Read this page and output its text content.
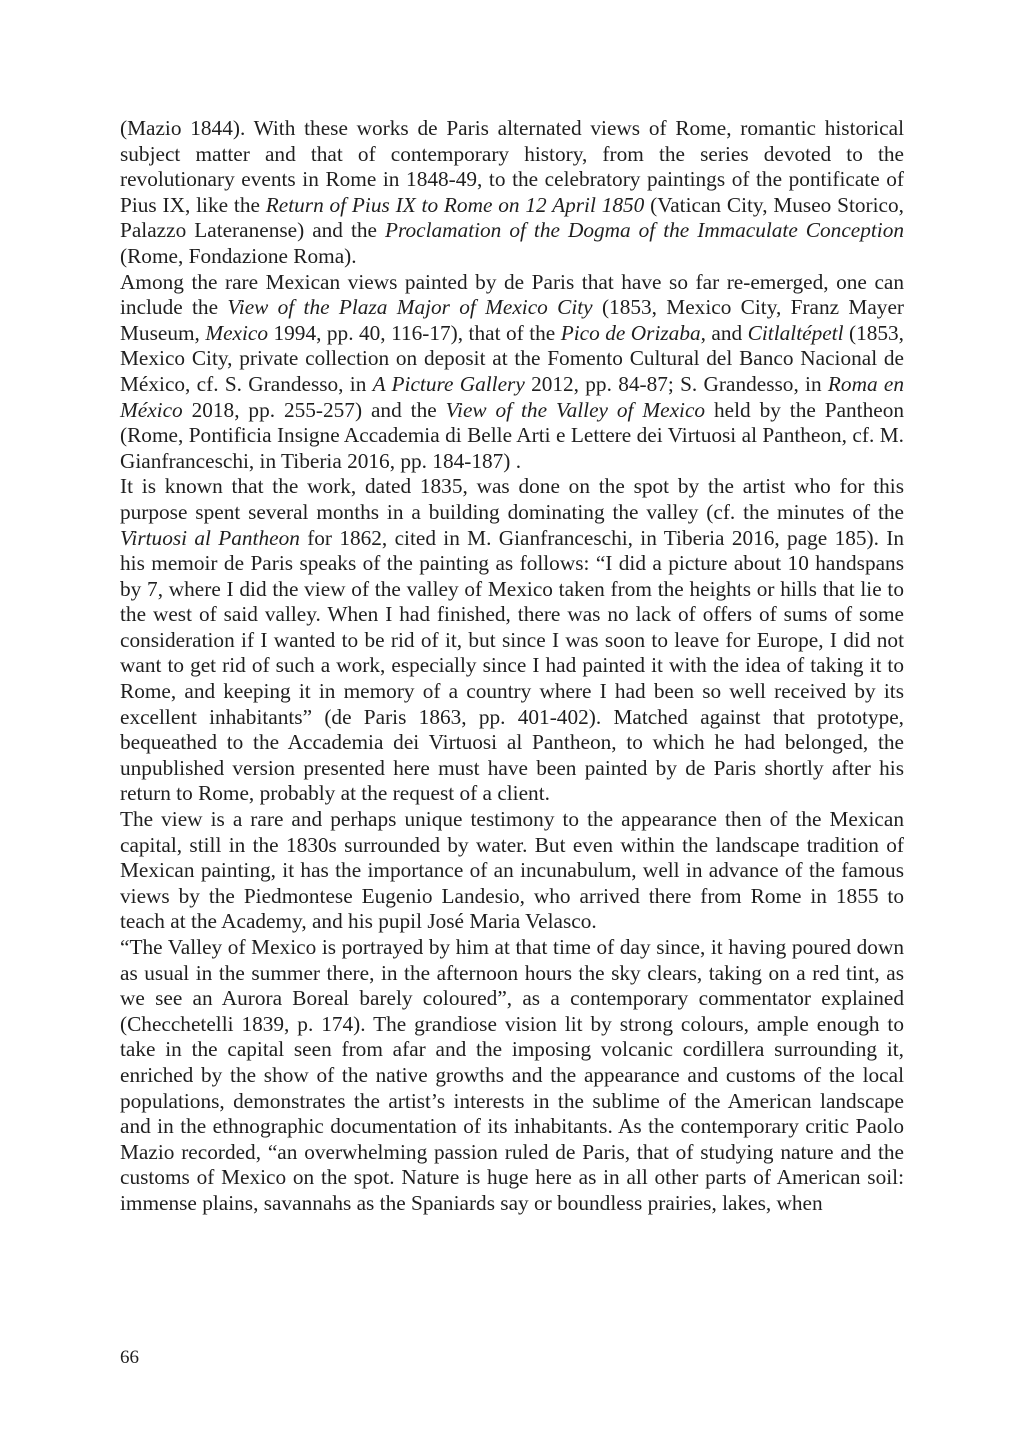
(Mazio 1844). With these works de Paris alternated views of Rome, romantic historical subject matter and that of contemporary history, from the series devoted to the revolutionary events in Rome in 1848-49, to the celebratory paintings of the pontificate of Pius IX, like the Return of Pius IX to Rome on 12 April 1850 (Vatican City, Museo Storico, Palazzo Lateranense) and the Proclamation of the Dogma of the Immaculate Conception (Rome, Fondazione Roma).

Among the rare Mexican views painted by de Paris that have so far re-emerged, one can include the View of the Plaza Major of Mexico City (1853, Mexico City, Franz Mayer Museum, Mexico 1994, pp. 40, 116-17), that of the Pico de Orizaba, and Citlaltépetl (1853, Mexico City, private collection on deposit at the Fomento Cultural del Banco Nacional de México, cf. S. Grandesso, in A Picture Gallery 2012, pp. 84-87; S. Grandesso, in Roma en México 2018, pp. 255-257) and the View of the Valley of Mexico held by the Pantheon (Rome, Pontificia Insigne Accademia di Belle Arti e Lettere dei Virtuosi al Pantheon, cf. M. Gianfranceschi, in Tiberia 2016, pp. 184-187) .

It is known that the work, dated 1835, was done on the spot by the artist who for this purpose spent several months in a building dominating the valley (cf. the minutes of the Virtuosi al Pantheon for 1862, cited in M. Gianfranceschi, in Tiberia 2016, page 185). In his memoir de Paris speaks of the painting as follows: “I did a picture about 10 handspans by 7, where I did the view of the valley of Mexico taken from the heights or hills that lie to the west of said valley. When I had finished, there was no lack of offers of sums of some consideration if I wanted to be rid of it, but since I was soon to leave for Europe, I did not want to get rid of such a work, especially since I had painted it with the idea of taking it to Rome, and keeping it in memory of a country where I had been so well received by its excellent inhabitants” (de Paris 1863, pp. 401-402). Matched against that prototype, bequeathed to the Accademia dei Virtuosi al Pantheon, to which he had belonged, the unpublished version presented here must have been painted by de Paris shortly after his return to Rome, probably at the request of a client.

The view is a rare and perhaps unique testimony to the appearance then of the Mexican capital, still in the 1830s surrounded by water. But even within the landscape tradition of Mexican painting, it has the importance of an incunabulum, well in advance of the famous views by the Piedmontese Eugenio Landesio, who arrived there from Rome in 1855 to teach at the Academy, and his pupil José Maria Velasco.

“The Valley of Mexico is portrayed by him at that time of day since, it having poured down as usual in the summer there, in the afternoon hours the sky clears, taking on a red tint, as we see an Aurora Boreal barely coloured”, as a contemporary commentator explained (Checchetelli 1839, p. 174). The grandiose vision lit by strong colours, ample enough to take in the capital seen from afar and the imposing volcanic cordillera surrounding it, enriched by the show of the native growths and the appearance and customs of the local populations, demonstrates the artist’s interests in the sublime of the American landscape and in the ethnographic documentation of its inhabitants. As the contemporary critic Paolo Mazio recorded, “an overwhelming passion ruled de Paris, that of studying nature and the customs of Mexico on the spot. Nature is huge here as in all other parts of American soil: immense plains, savannahs as the Spaniards say or boundless prairies, lakes, when

66
